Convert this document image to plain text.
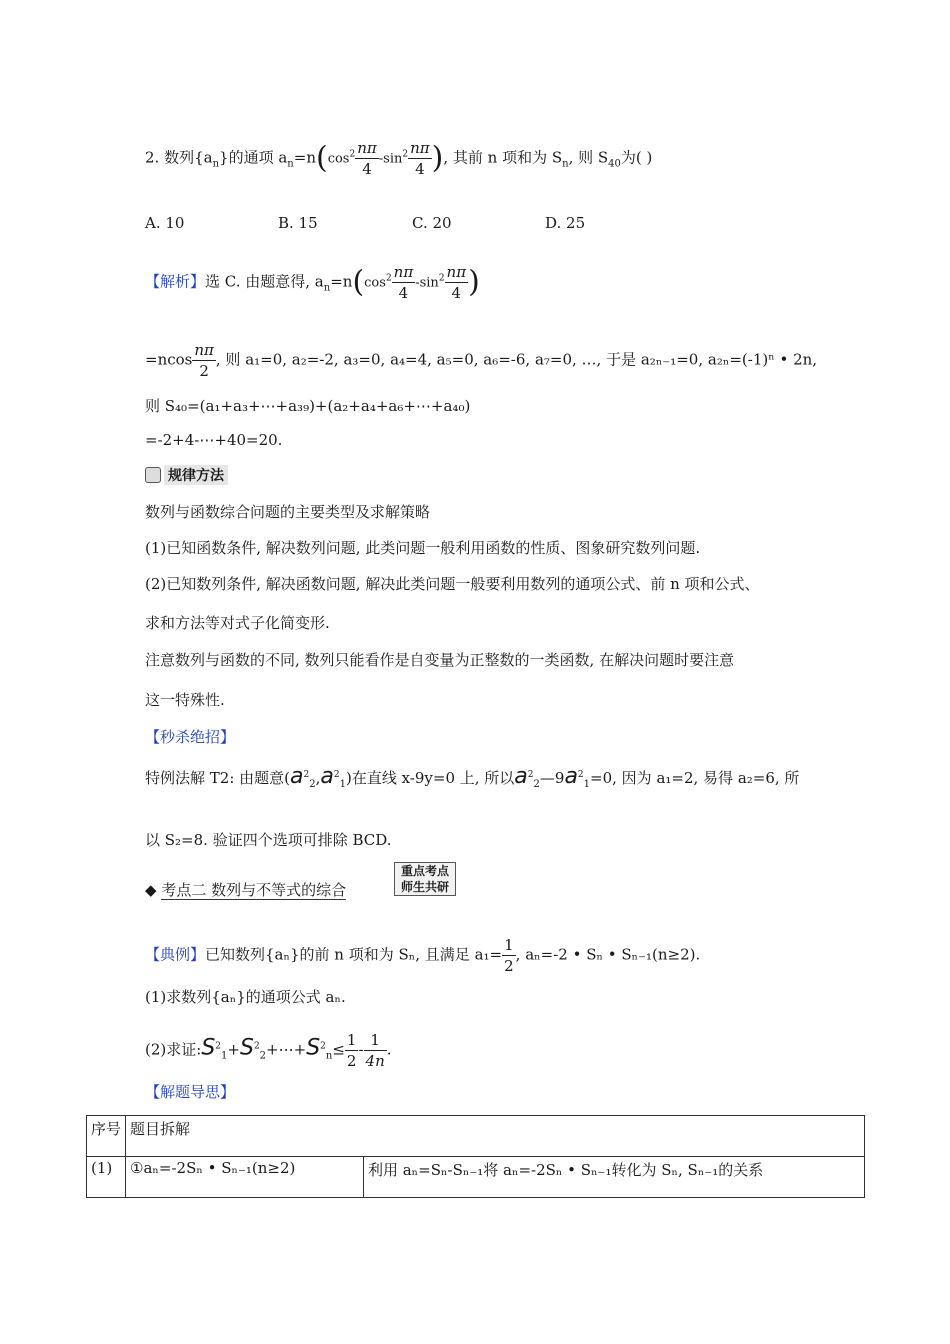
2. 数列$\{a_n\}$的通项 $a_n=n(\cos^2 \frac{n\pi}{4} -\sin^2 \frac{n\pi}{4}$ ), 其前 n 项和为 $S_n$, 则 $S_{40}$为( )
A. 10	B. 15	C. 20	D. 25
【解析】选 C. 由题意得, $a_n=n(\cos^2 \frac{n\pi}{4} -\sin^2 \frac{n\pi}{4}$ )
$=ncos \frac{n\pi}{2}$ , 则 a₁=0, a₂=-2, a₃=0, a₄=4, a₅=0, a₆=-6, a₇=0, …, 于是 a₂ₙ₋₁=0, a₂ₙ=(-1)ⁿ • 2n,
则 S₄₀=(a₁+a₃+⋯+a₃₉)+(a₂+a₄+a₆+⋯+a₄₀)
=-2+4-⋯+40=20.
规律方法
数列与函数综合问题的主要类型及求解策略
(1)已知函数条件, 解决数列问题, 此类问题一般利用函数的性质、图象研究数列问题.
(2)已知数列条件, 解决函数问题, 解决此类问题一般要利用数列的通项公式、前 n 项和公式、
求和方法等对式子化简变形.
注意数列与函数的不同, 数列只能看作是自变量为正整数的一类函数, 在解决问题时要注意
这一特殊性.
【秒杀绝招】
特例法解 T2: 由题意$(a^2_2,a^2_1)$在直线 x-9y=0 上, 所以$a^2_2—9a^2_1=0$, 因为 a₁=2, 易得 a₂=6, 所
以 S₂=8. 验证四个选项可排除 BCD.
◆ 考点二 数列与不等式的综合
重点考点
师生共研
【典例】已知数列{aₙ}的前 n 项和为 Sₙ, 且满足 $a_1= \frac{1}{2}$ , aₙ=-2 • Sₙ • Sₙ₋₁(n≥2).
(1)求数列{aₙ}的通项公式 aₙ.
(2)求证$:S^2_1+S^2_2+\cdots+S^2_n\le \frac{1}{2} - \frac{1}{4n}$ .
【解题导思】
序号	题目拆解	
(1)	①aₙ=-2Sₙ • Sₙ₋₁(n≥2)	利用 aₙ=Sₙ-Sₙ₋₁将 aₙ=-2Sₙ • Sₙ₋₁转化为 Sₙ, Sₙ₋₁的关系
